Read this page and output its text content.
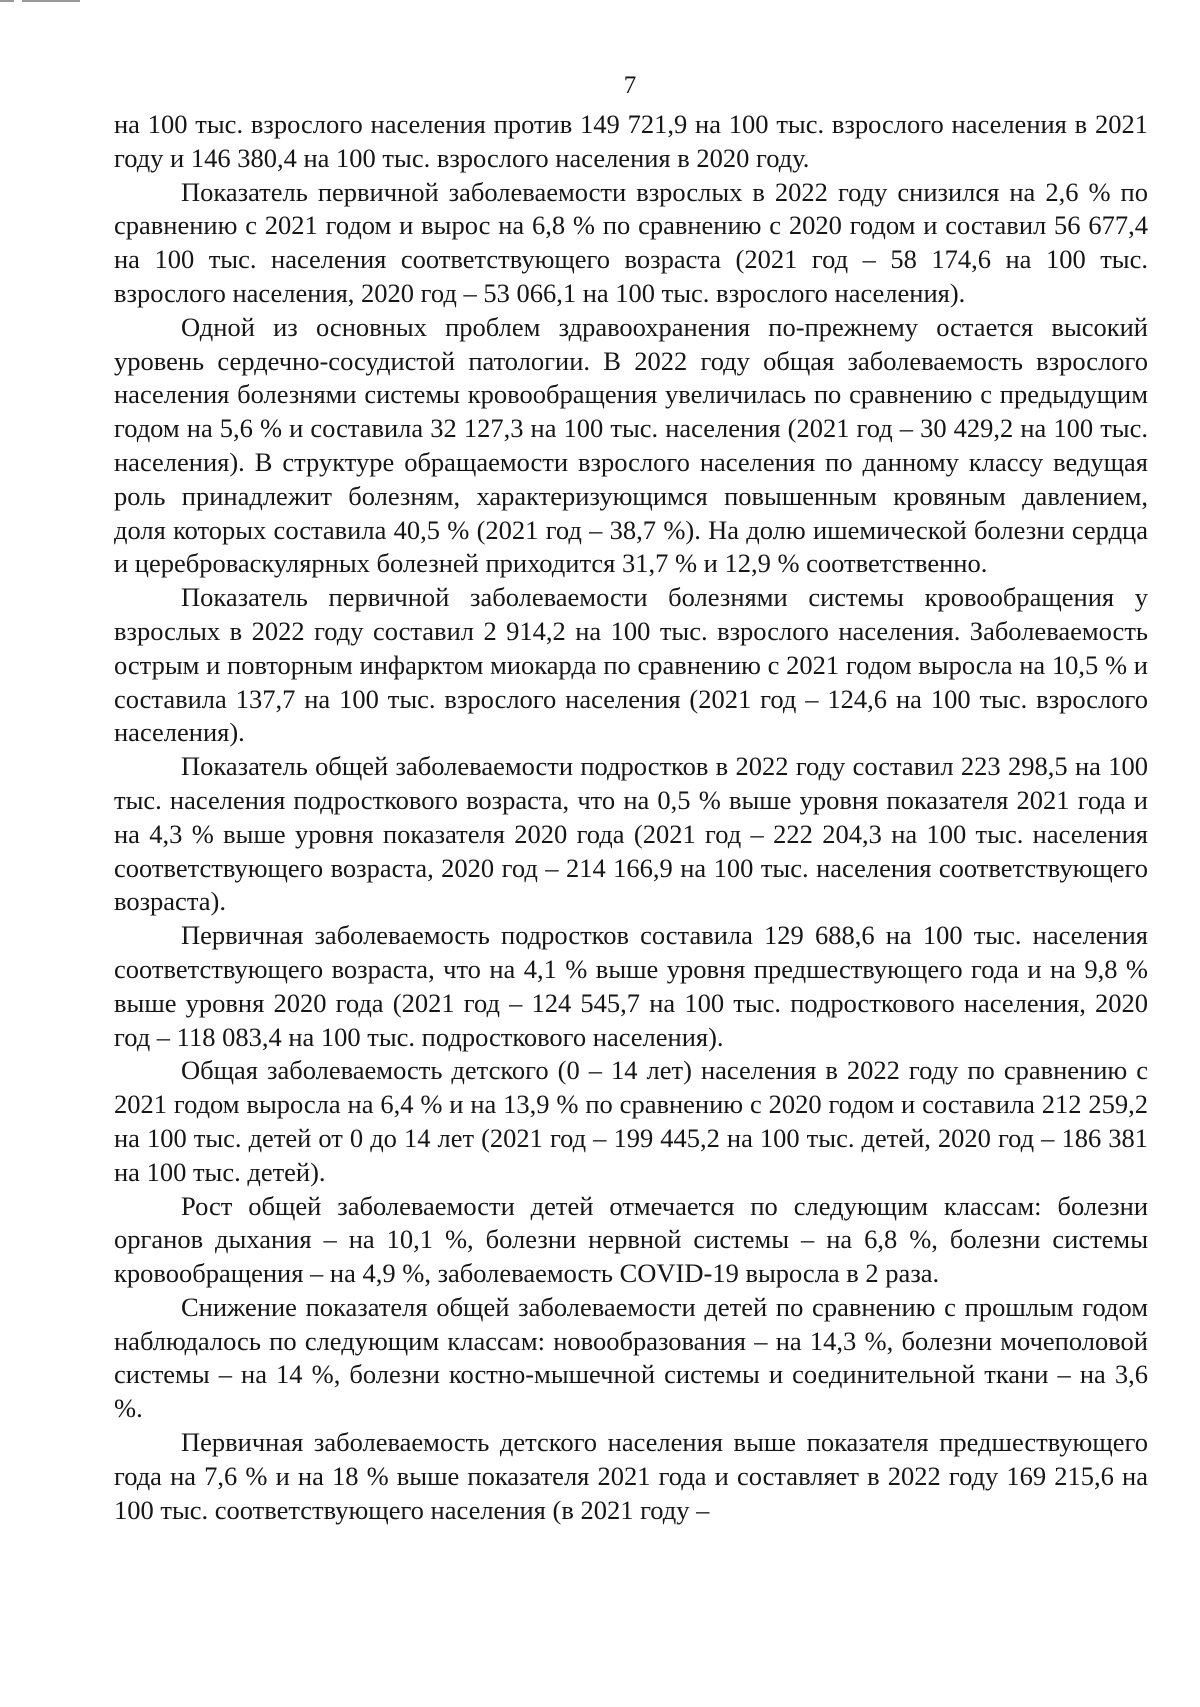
7

на 100 тыс. взрослого населения против 149 721,9 на 100 тыс. взрослого населения в 2021 году и 146 380,4 на 100 тыс. взрослого населения в 2020 году.

Показатель первичной заболеваемости взрослых в 2022 году снизился на 2,6 % по сравнению с 2021 годом и вырос на 6,8 % по сравнению с 2020 годом и составил 56 677,4 на 100 тыс. населения соответствующего возраста (2021 год – 58 174,6 на 100 тыс. взрослого населения, 2020 год – 53 066,1 на 100 тыс. взрослого населения).

Одной из основных проблем здравоохранения по-прежнему остается высокий уровень сердечно-сосудистой патологии. В 2022 году общая заболеваемость взрослого населения болезнями системы кровообращения увеличилась по сравнению с предыдущим годом на 5,6 % и составила 32 127,3 на 100 тыс. населения (2021 год – 30 429,2 на 100 тыс. населения). В структуре обращаемости взрослого населения по данному классу ведущая роль принадлежит болезням, характеризующимся повышенным кровяным давлением, доля которых составила 40,5 % (2021 год – 38,7 %). На долю ишемической болезни сердца и цереброваскулярных болезней приходится 31,7 % и 12,9 % соответственно.

Показатель первичной заболеваемости болезнями системы кровообращения у взрослых в 2022 году составил 2 914,2 на 100 тыс. взрослого населения. Заболеваемость острым и повторным инфарктом миокарда по сравнению с 2021 годом выросла на 10,5 % и составила 137,7 на 100 тыс. взрослого населения (2021 год – 124,6 на 100 тыс. взрослого населения).

Показатель общей заболеваемости подростков в 2022 году составил 223 298,5 на 100 тыс. населения подросткового возраста, что на 0,5 % выше уровня показателя 2021 года и на 4,3 % выше уровня показателя 2020 года (2021 год – 222 204,3 на 100 тыс. населения соответствующего возраста, 2020 год – 214 166,9 на 100 тыс. населения соответствующего возраста).

Первичная заболеваемость подростков составила 129 688,6 на 100 тыс. населения соответствующего возраста, что на 4,1 % выше уровня предшествующего года и на 9,8 % выше уровня 2020 года (2021 год – 124 545,7 на 100 тыс. подросткового населения, 2020 год – 118 083,4 на 100 тыс. подросткового населения).

Общая заболеваемость детского (0 – 14 лет) населения в 2022 году по сравнению с 2021 годом выросла на 6,4 % и на 13,9 % по сравнению с 2020 годом и составила 212 259,2 на 100 тыс. детей от 0 до 14 лет (2021 год – 199 445,2 на 100 тыс. детей, 2020 год – 186 381 на 100 тыс. детей).

Рост общей заболеваемости детей отмечается по следующим классам: болезни органов дыхания – на 10,1 %, болезни нервной системы – на 6,8 %, болезни системы кровообращения – на 4,9 %, заболеваемость COVID-19 выросла в 2 раза.

Снижение показателя общей заболеваемости детей по сравнению с прошлым годом наблюдалось по следующим классам: новообразования – на 14,3 %, болезни мочеполовой системы – на 14 %, болезни костно-мышечной системы и соединительной ткани – на 3,6 %.

Первичная заболеваемость детского населения выше показателя предшествующего года на 7,6 % и на 18 % выше показателя 2021 года и составляет в 2022 году 169 215,6 на 100 тыс. соответствующего населения (в 2021 году –
